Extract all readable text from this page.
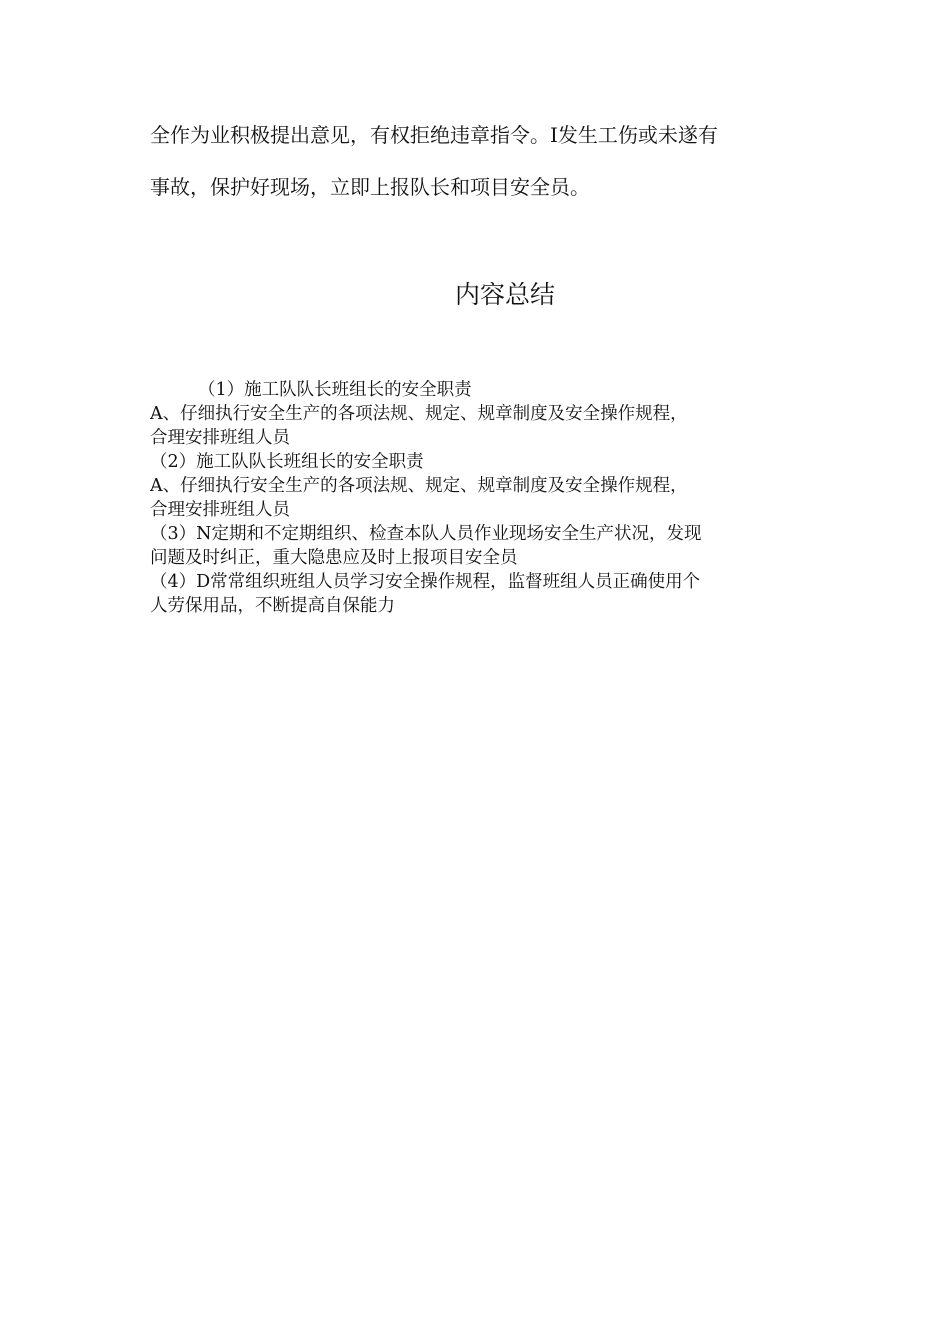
全作为业积极提出意见，有权拒绝违章指令。I发生工伤或未遂有

事故，保护好现场，立即上报队长和项目安全员。

内容总结

（1）施工队队长班组长的安全职责

A、仔细执行安全生产的各项法规、规定、规章制度及安全操作规程，

合理安排班组人员

（2）施工队队长班组长的安全职责

A、仔细执行安全生产的各项法规、规定、规章制度及安全操作规程，

合理安排班组人员

（3）N定期和不定期组织、检查本队人员作业现场安全生产状况，发现

问题及时纠正，重大隐患应及时上报项目安全员

（4）D常常组织班组人员学习安全操作规程，监督班组人员正确使用个

人劳保用品，不断提高自保能力
